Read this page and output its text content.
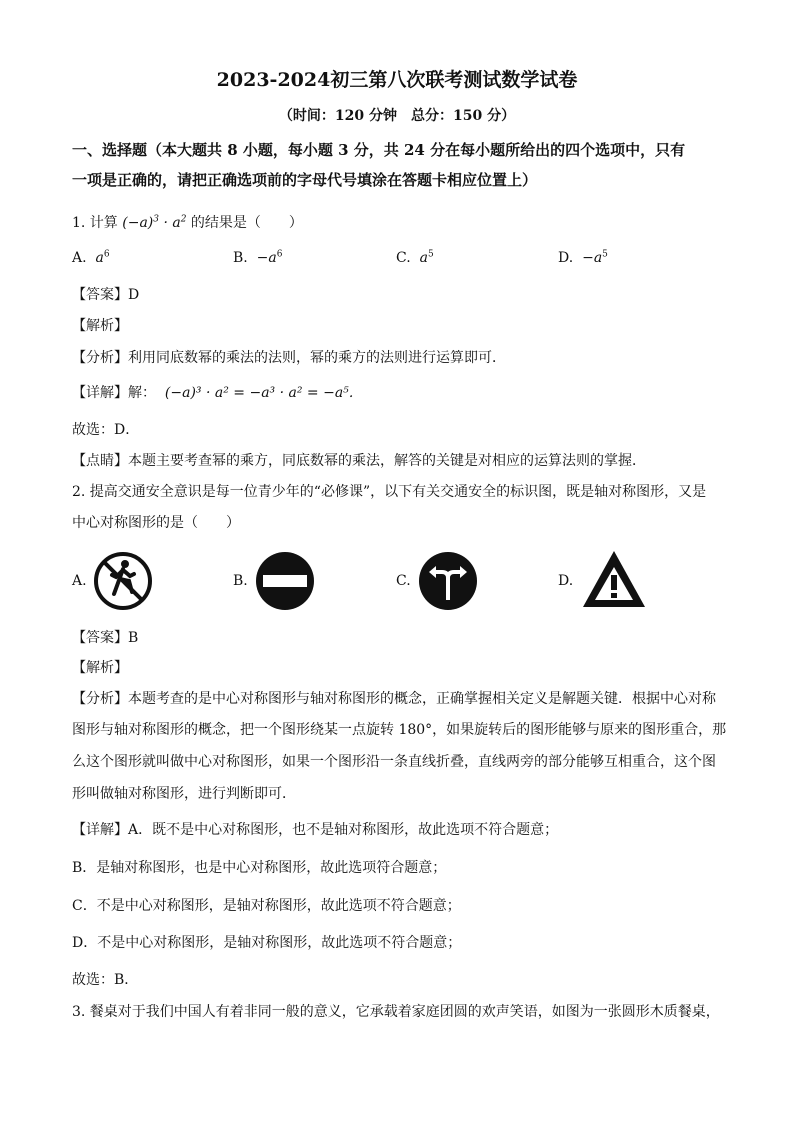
2023-2024初三第八次联考测试数学试卷
（时间：120 分钟　总分：150 分）
一、选择题（本大题共 8 小题，每小题 3 分，共 24 分在每小题所给出的四个选项中，只有
一项是正确的，请把正确选项前的字母代号填涂在答题卡相应位置上）
1. 计算 $(-a)^3 \cdot a^2$ 的结果是（　　）
A. $a^6$	B. $-a^6$	C. $a^5$	D. $-a^5$
【答案】D
【解析】
【分析】利用同底数幂的乘法的法则，幂的乘方的法则进行运算即可．
【详解】解： (−a)³ · a² = −a³ · a² = −a⁵．
故选：D．
【点睛】本题主要考查幂的乘方，同底数幂的乘法，解答的关键是对相应的运算法则的掌握．
2. 提高交通安全意识是每一位青少年的“必修课”，以下有关交通安全的标识图，既是轴对称图形，又是
中心对称图形的是（　　）
A.	B.	C.	D.
【答案】B
【解析】
【分析】本题考查的是中心对称图形与轴对称图形的概念，正确掌握相关定义是解题关键．根据中心对称
图形与轴对称图形的概念，把一个图形绕某一点旋转 180°，如果旋转后的图形能够与原来的图形重合，那
么这个图形就叫做中心对称图形，如果一个图形沿一条直线折叠，直线两旁的部分能够互相重合，这个图
形叫做轴对称图形，进行判断即可．
【详解】A．既不是中心对称图形，也不是轴对称图形，故此选项不符合题意；
B．是轴对称图形，也是中心对称图形，故此选项符合题意；
C．不是中心对称图形，是轴对称图形，故此选项不符合题意；
D．不是中心对称图形，是轴对称图形，故此选项不符合题意；
故选：B．
3. 餐桌对于我们中国人有着非同一般的意义，它承载着家庭团圆的欢声笑语，如图为一张圆形木质餐桌，
